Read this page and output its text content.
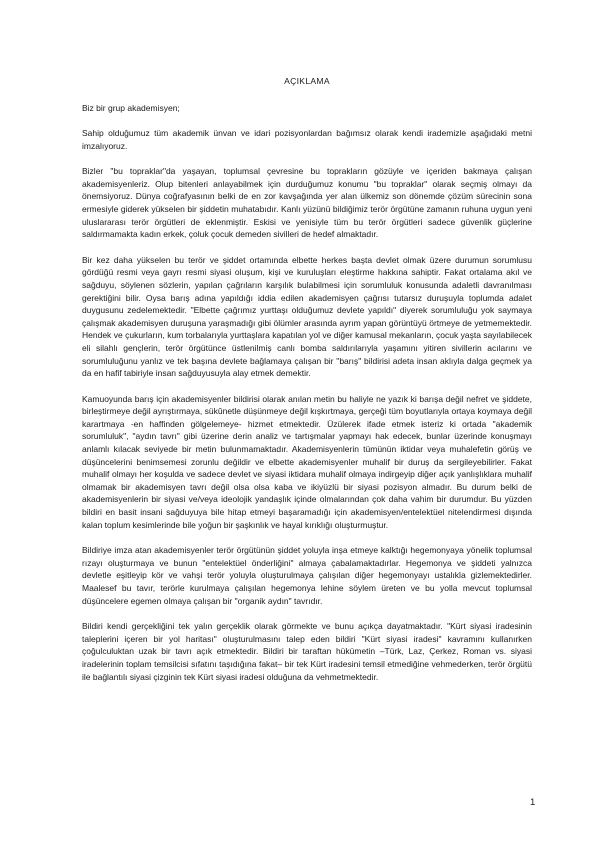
AÇIKLAMA
Biz bir grup akademisyen;

Sahip olduğumuz tüm akademik ünvan ve idari pozisyonlardan bağımsız olarak kendi irademizle aşağıdaki metni imzalıyoruz.

Bizler "bu topraklar"da yaşayan, toplumsal çevresine bu toprakların gözüyle ve içeriden bakmaya çalışan akademisyenleriz. Olup bitenleri anlayabilmek için durduğumuz konumu "bu topraklar" olarak seçmiş olmayı da önemsiyoruz. Dünya coğrafyasının belki de en zor kavşağında yer alan ülkemiz son dönemde çözüm sürecinin sona ermesiyle giderek yükselen bir şiddetin muhatabıdır. Kanlı yüzünü bildiğimiz terör örgütüne zamanın ruhuna uygun yeni uluslararası terör örgütleri de eklenmiştir. Eskisi ve yenisiyle tüm bu terör örgütleri sadece güvenlik güçlerine saldırmamakta kadın erkek, çoluk çocuk demeden sivilleri de hedef almaktadır.

Bir kez daha yükselen bu terör ve şiddet ortamında elbette herkes başta devlet olmak üzere durumun sorumlusu gördüğü resmi veya gayrı resmi siyasi oluşum, kişi ve kuruluşları eleştirme hakkına sahiptir. Fakat ortalama akıl ve sağduyu, söylenen sözlerin, yapılan çağrıların karşılık bulabilmesi için sorumluluk konusunda adaletli davranılması gerektiğini bilir. Oysa barış adına yapıldığı iddia edilen akademisyen çağrısı tutarsız duruşuyla toplumda adalet duygusunu zedelemektedir. "Elbette çağrımız yurttaşı olduğumuz devlete yapıldı" diyerek sorumluluğu yok saymaya çalışmak akademisyen duruşuna yaraşmadığı gibi ölümler arasında ayrım yapan görüntüyü örtmeye de yetmemektedir. Hendek ve çukurların, kum torbalarıyla yurttaşlara kapatılan yol ve diğer kamusal mekanların, çocuk yaşta sayılabilecek eli silahlı gençlerin, terör örgütünce üstlenilmiş canlı bomba saldırılarıyla yaşamını yitiren sivillerin acılarını ve sorumluluğunu yanlız ve tek başına devlete bağlamaya çalışan bir "barış" bildirisi adeta insan aklıyla dalga geçmek ya da en hafif tabiriyle insan sağduyusuyla alay etmek demektir.

Kamuoyunda barış için akademisyenler bildirisi olarak anılan metin bu haliyle ne yazık ki barışa değil nefret ve şiddete, birleştirmeye değil ayrıştırmaya, sükûnetle düşünmeye değil kışkırtmaya, gerçeği tüm boyutlarıyla ortaya koymaya değil karartmaya -en haffinden gölgelemeye- hizmet etmektedir. Üzülerek ifade etmek isteriz ki ortada "akademik sorumluluk", "aydın tavrı" gibi üzerine derin analiz ve tartışmalar yapmayı hak edecek, bunlar üzerinde konuşmayı anlamlı kılacak seviyede bir metin bulunmamaktadır. Akademisyenlerin tümünün iktidar veya muhalefetin görüş ve düşüncelerini benimsemesi zorunlu değildir ve elbette akademisyenler muhalif bir duruş da sergileyebilirler. Fakat muhalif olmayı her koşulda ve sadece devlet ve siyasi iktidara muhalif olmaya indirgeyip diğer açık yanlışlıklara muhalif olmamak bir akademisyen tavrı değil olsa olsa kaba ve ikiyüzlü bir siyasi pozisyon almadır. Bu durum belki de akademisyenlerin bir siyasi ve/veya ideolojik yandaşlık içinde olmalarından çok daha vahim bir durumdur. Bu yüzden bildiri en basit insani sağduyuya bile hitap etmeyi başaramadığı için akademisyen/entelektüel nitelendirmesi dışında kalan toplum kesimlerinde bile yoğun bir şaşkınlık ve hayal kırıklığı oluşturmuştur.

Bildiriye imza atan akademisyenler terör örgütünün şiddet yoluyla inşa etmeye kalktığı hegemonyaya yönelik toplumsal rızayı oluşturmaya ve bunun "entelektüel önderliğini" almaya çabalamaktadırlar. Hegemonya ve şiddeti yalnızca devletle eşitleyip kör ve vahşi terör yoluyla oluşturulmaya çalışılan diğer hegemonyayı ustalıkla gizlemektedirler. Maalesef bu tavır, terörle kurulmaya çalışılan hegemonya lehine söylem üreten ve bu yolla mevcut toplumsal düşüncelere egemen olmaya çalışan bir "organik aydın" tavrıdır.

Bildiri kendi gerçekliğini tek yalın gerçeklik olarak görmekte ve bunu açıkça dayatmaktadır. "Kürt siyasi iradesinin taleplerini içeren bir yol haritası" oluşturulmasını talep eden bildiri "Kürt siyasi iradesi" kavramını kullanırken çoğulculuktan uzak bir tavrı açık etmektedir. Bildiri bir taraftan hükümetin –Türk, Laz, Çerkez, Roman vs. siyasi iradelerinin toplam temsilcisi sıfatını taşıdığına fakat– bir tek Kürt iradesini temsil etmediğine vehmederken, terör örgütü ile bağlantılı siyasi çizginin tek Kürt siyasi iradesi olduğuna da vehmetmektedir.

1
